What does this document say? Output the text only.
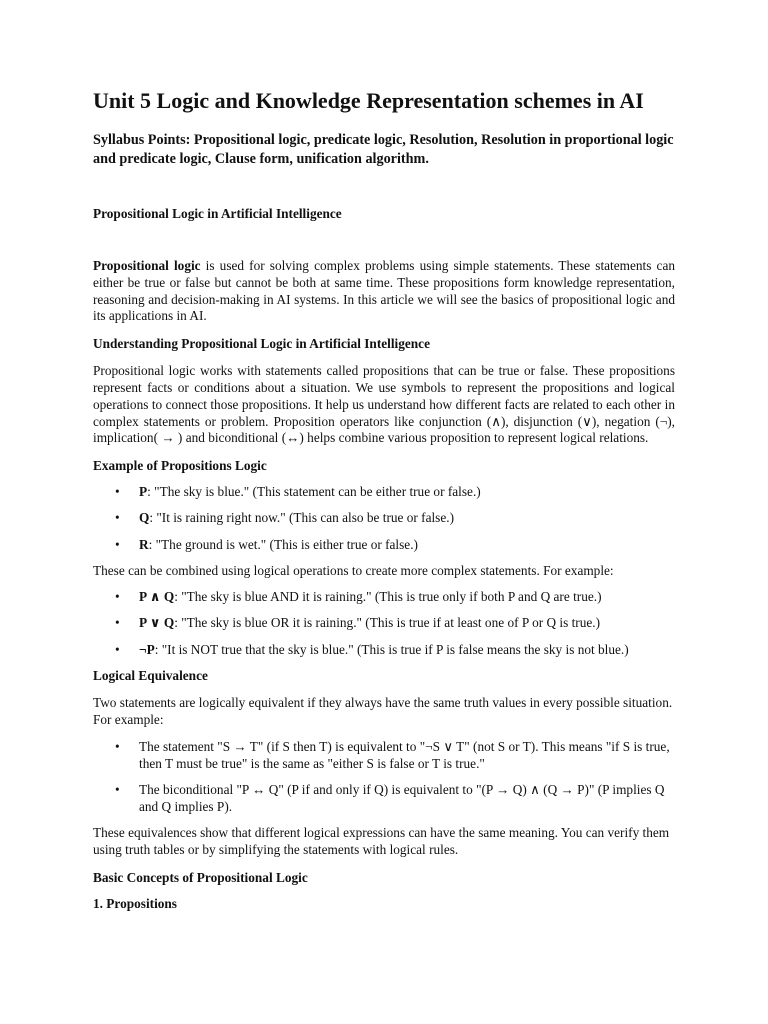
Unit 5 Logic and Knowledge Representation schemes in AI
Syllabus Points: Propositional logic, predicate logic, Resolution, Resolution in proportional logic and predicate logic, Clause form, unification algorithm.
Propositional Logic in Artificial Intelligence

Propositional logic is used for solving complex problems using simple statements. These statements can either be true or false but cannot be both at same time. These propositions form knowledge representation, reasoning and decision-making in AI systems. In this article we will see the basics of propositional logic and its applications in AI.

Understanding Propositional Logic in Artificial Intelligence

Propositional logic works with statements called propositions that can be true or false. These propositions represent facts or conditions about a situation. We use symbols to represent the propositions and logical operations to connect those propositions. It help us understand how different facts are related to each other in complex statements or problem. Proposition operators like conjunction (∧), disjunction (∨), negation (¬), implication( → ) and biconditional (↔) helps combine various proposition to represent logical relations.

Example of Propositions Logic
• P: "The sky is blue." (This statement can be either true or false.)
• Q: "It is raining right now." (This can also be true or false.)
• R: "The ground is wet." (This is either true or false.)

These can be combined using logical operations to create more complex statements. For example:

• P ∧ Q: "The sky is blue AND it is raining." (This is true only if both P and Q are true.)
• P ∨ Q: "The sky is blue OR it is raining." (This is true if at least one of P or Q is true.)
• ¬P: "It is NOT true that the sky is blue." (This is true if P is false means the sky is not blue.)
Logical Equivalence

Two statements are logically equivalent if they always have the same truth values in every possible situation. For example:

• The statement "S → T" (if S then T) is equivalent to "¬S ∨ T" (not S or T). This means "if S is true, then T must be true" is the same as "either S is false or T is true."
• The biconditional "P ↔ Q" (P if and only if Q) is equivalent to "(P → Q) ∧ (Q → P)" (P implies Q and Q implies P).

These equivalences show that different logical expressions can have the same meaning. You can verify them using truth tables or by simplifying the statements with logical rules.

Basic Concepts of Propositional Logic
1. Propositions
